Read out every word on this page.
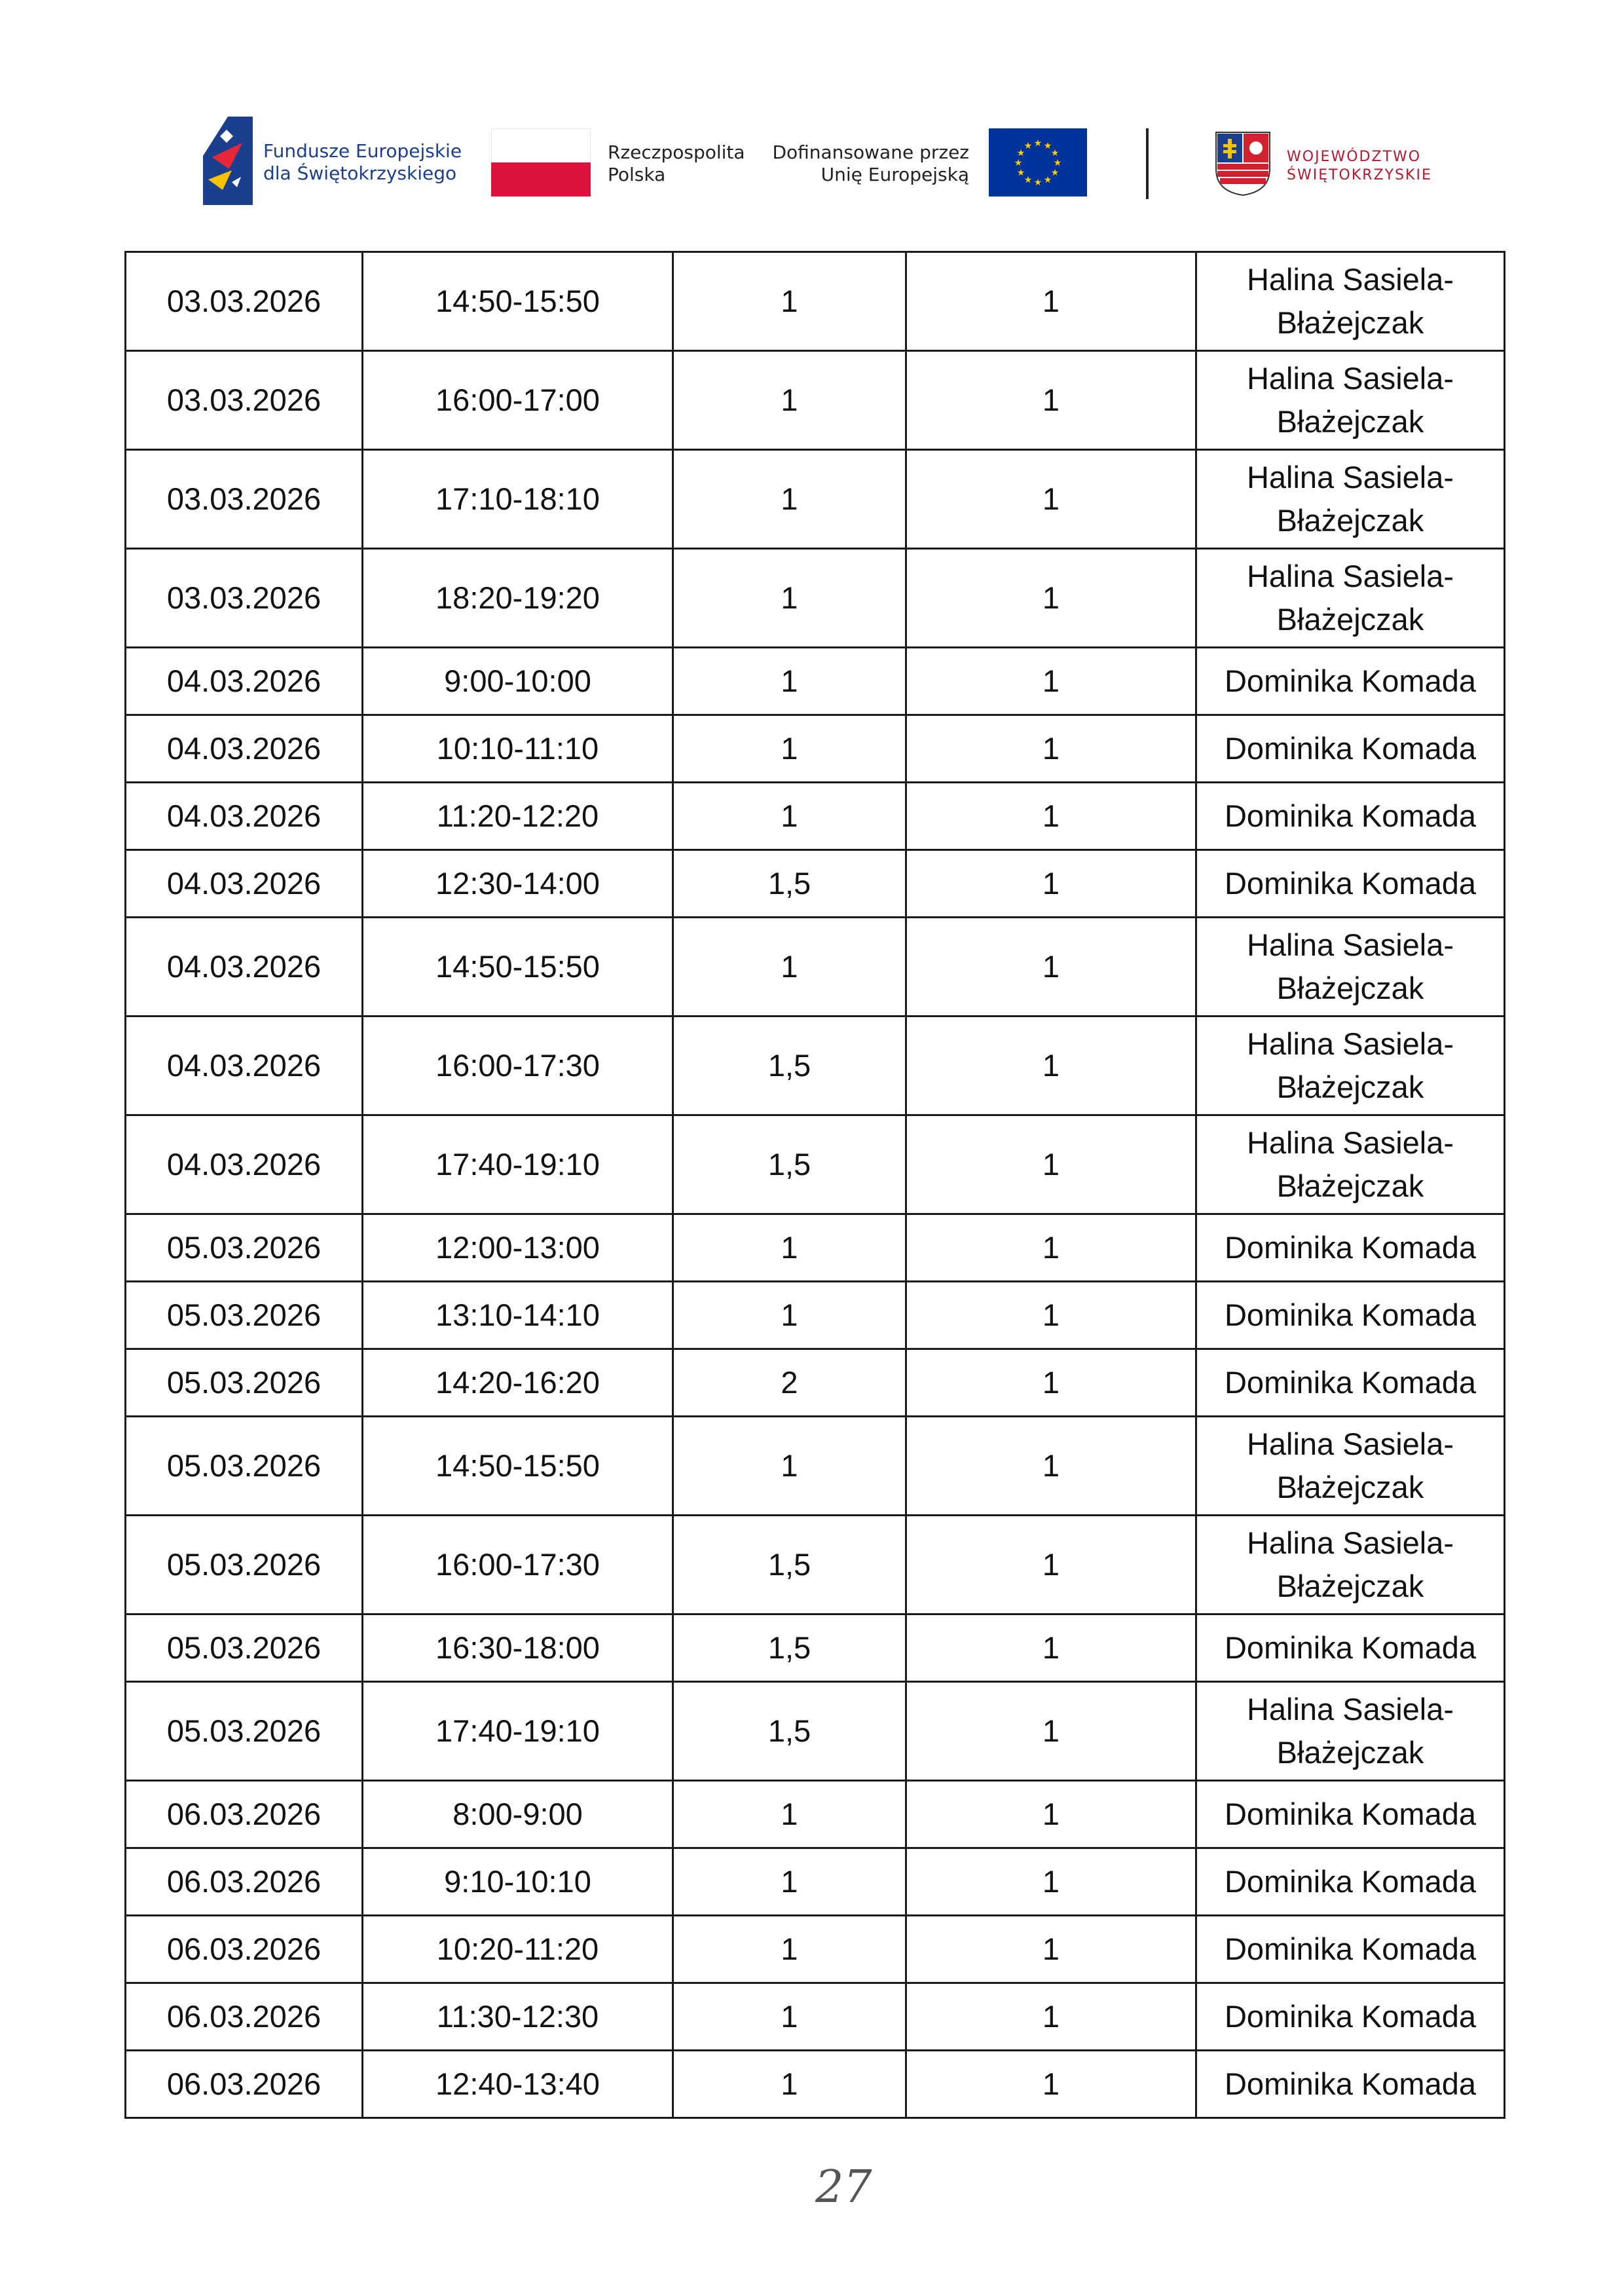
Fundusze Europejskie
dla Świętokrzyskiego
Rzeczpospolita
Polska
Dofinansowane przez
Unię Europejską
★ ★
★
★
★
★
★
★
★
★
★
★
WOJEWÓDZTWO
ŚWIĘTOKRZYSKIE
03.03.2026	14:50-15:50	1	1	Halina Sasiela-Błażejczak
03.03.2026	16:00-17:00	1	1	Halina Sasiela-Błażejczak
03.03.2026	17:10-18:10	1	1	Halina Sasiela-Błażejczak
03.03.2026	18:20-19:20	1	1	Halina Sasiela-Błażejczak
04.03.2026	9:00-10:00	1	1	Dominika Komada
04.03.2026	10:10-11:10	1	1	Dominika Komada
04.03.2026	11:20-12:20	1	1	Dominika Komada
04.03.2026	12:30-14:00	1,5	1	Dominika Komada
04.03.2026	14:50-15:50	1	1	Halina Sasiela-Błażejczak
04.03.2026	16:00-17:30	1,5	1	Halina Sasiela-Błażejczak
04.03.2026	17:40-19:10	1,5	1	Halina Sasiela-Błażejczak
05.03.2026	12:00-13:00	1	1	Dominika Komada
05.03.2026	13:10-14:10	1	1	Dominika Komada
05.03.2026	14:20-16:20	2	1	Dominika Komada
05.03.2026	14:50-15:50	1	1	Halina Sasiela-Błażejczak
05.03.2026	16:00-17:30	1,5	1	Halina Sasiela-Błażejczak
05.03.2026	16:30-18:00	1,5	1	Dominika Komada
05.03.2026	17:40-19:10	1,5	1	Halina Sasiela-Błażejczak
06.03.2026	8:00-9:00	1	1	Dominika Komada
06.03.2026	9:10-10:10	1	1	Dominika Komada
06.03.2026	10:20-11:20	1	1	Dominika Komada
06.03.2026	11:30-12:30	1	1	Dominika Komada
06.03.2026	12:40-13:40	1	1	Dominika Komada
27
